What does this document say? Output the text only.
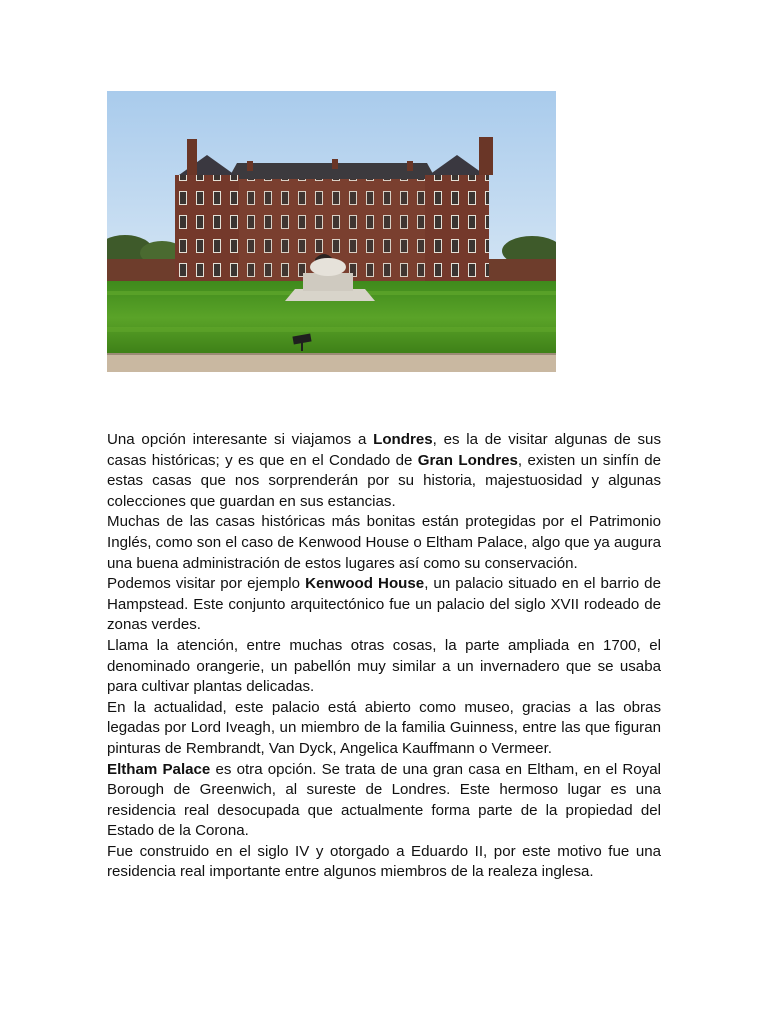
Una opción interesante si viajamos a Londres, es la de visitar algunas de sus casas históricas; y es que en el Condado de Gran Londres, existen un sinfín de estas casas que nos sorprenderán por su historia, majestuosidad y algunas colecciones que guardan en sus estancias.

Muchas de las casas históricas más bonitas están protegidas por el Patrimonio Inglés, como son el caso de Kenwood House o Eltham Palace, algo que ya augura una buena administración de estos lugares así como su conservación.

Podemos visitar por ejemplo Kenwood House, un palacio situado en el barrio de Hampstead. Este conjunto arquitectónico fue un palacio del siglo XVII rodeado de zonas verdes.

Llama la atención, entre muchas otras cosas, la parte ampliada en 1700, el denominado orangerie, un pabellón muy similar a un invernadero que se usaba para cultivar plantas delicadas.

En la actualidad, este palacio está abierto como museo, gracias a las obras legadas por Lord Iveagh, un miembro de la familia Guinness, entre las que figuran pinturas de Rembrandt, Van Dyck, Angelica Kauffmann o Vermeer.

Eltham Palace es otra opción. Se trata de una gran casa en Eltham, en el Royal Borough de Greenwich, al sureste de Londres. Este hermoso lugar es una residencia real desocupada que actualmente forma parte de la propiedad del Estado de la Corona.

Fue construido en el siglo IV y otorgado a Eduardo II, por este motivo fue una residencia real importante entre algunos miembros de la realeza inglesa.
